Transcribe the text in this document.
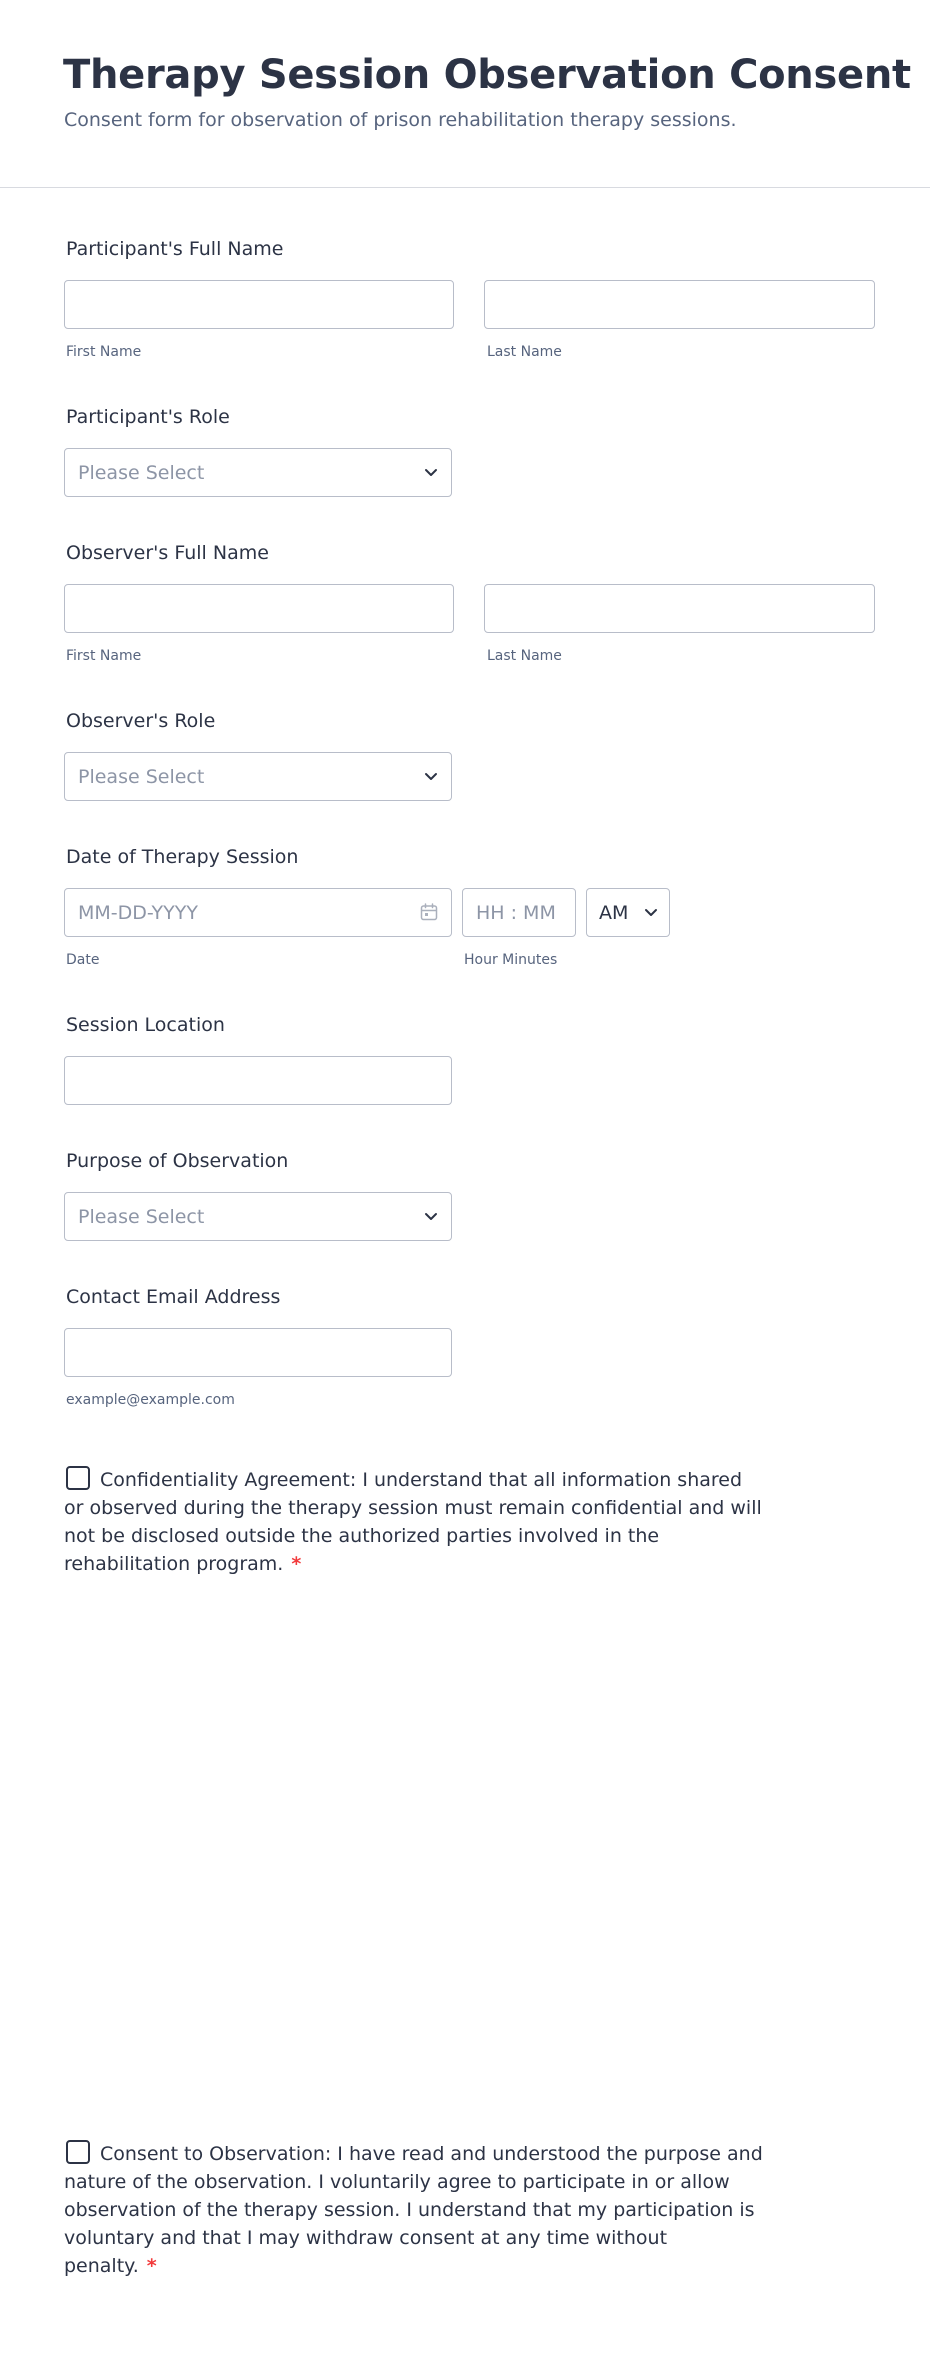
Therapy Session Observation Consent
Consent form for observation of prison rehabilitation therapy sessions.
Participant's Full Name
First Name	Last Name
Participant's Role
Please Select
Observer's Full Name
First Name	Last Name
Observer's Role
Please Select
Date of Therapy Session
MM-DD-YYYY	HH : MM AM
Date	Hour Minutes
Session Location
Purpose of Observation
Please Select
Contact Email Address
example@example.com
Confidentiality Agreement: I understand that all information shared or observed during the therapy session must remain confidential and will not be disclosed outside the authorized parties involved in the rehabilitation program. *
Consent to Observation: I have read and understood the purpose and nature of the observation. I voluntarily agree to participate in or allow observation of the therapy session. I understand that my participation is voluntary and that I may withdraw consent at any time without penalty. *
